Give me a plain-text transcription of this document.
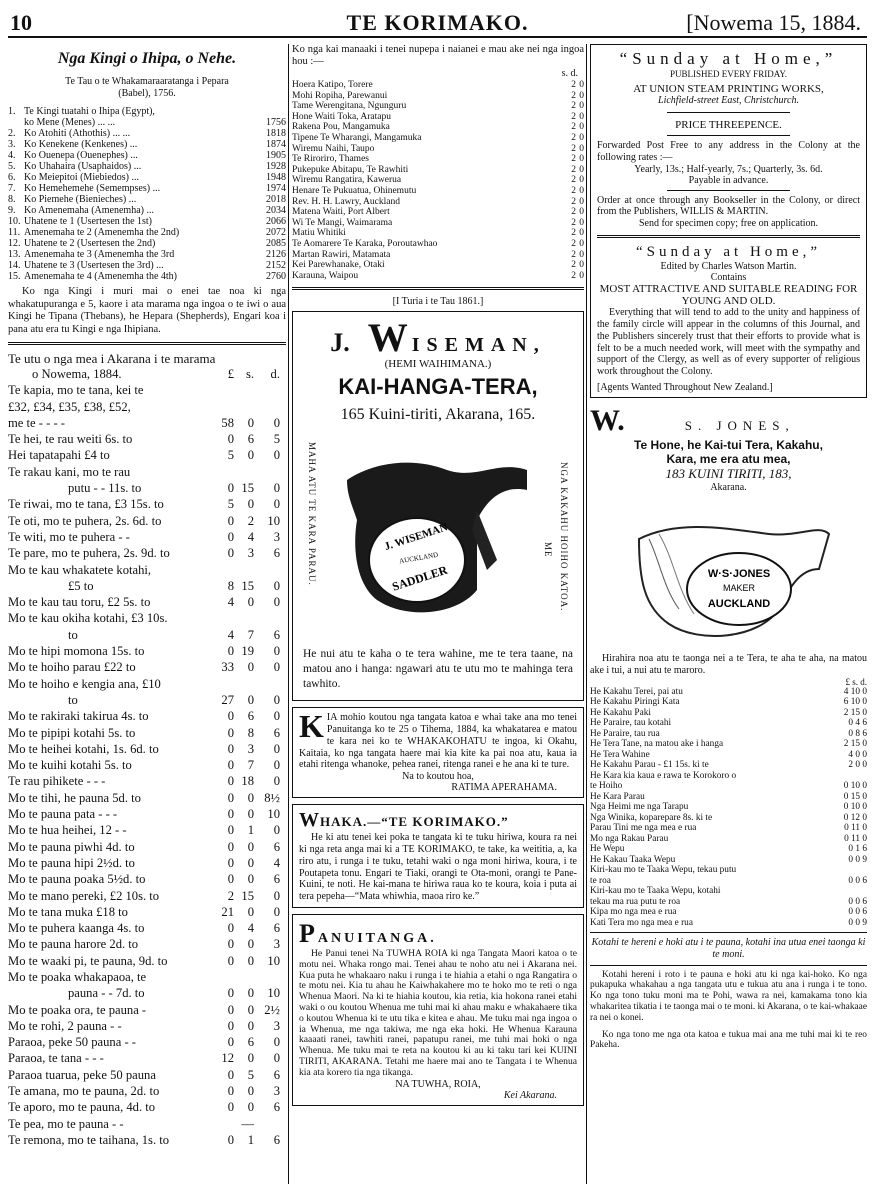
10	TE KORIMAKO.	[Nowema 15, 1884.
Nga Kingi o Ihipa, o Nehe.
Te Tau o te Whakamaraaratanga i Pepara
(Babel), 1756.
1.	Te Kingi tuatahi o Ihipa (Egypt),	
	ko Mene (Menes) ... ...	1756
2.	Ko Atohiti (Athothis) ... ...	1818
3.	Ko Kenekene (Kenkenes) ...	1874
4.	Ko Ouenepa (Ouenephes) ...	1905
5.	Ko Uhahaira (Usaphaidos) ...	1928
6.	Ko Meiepitoi (Miebiedos) ...	1948
7.	Ko Hemehemehe (Semempses) ...	1974
8.	Ko Piemehe (Bienieches) ...	2018
9.	Ko Amenemaha (Amenemha) ...	2034
10.	Uhatene te 1 (Usertesen the 1st)	2066
11.	Amenemaha te 2 (Amenemha the 2nd)	2072
12.	Uhatene te 2 (Usertesen the 2nd)	2085
13.	Amenemaha te 3 (Amenemha the 3rd	2126
14.	Uhatene te 3 (Usertesen the 3rd) ...	2152
15.	Amenemaha te 4 (Amenemha the 4th)	2760
Ko nga Kingi i muri mai o enei tae noa ki nga whakatupuranga e 5, kaore i ata marama nga ingoa o te iwi o aua Kingi he Tipana (Thebans), he Hepara (Shepherds), Engari koa i pana atu era tu Kingi e nga Ihipiana.
Te utu o nga mea i Akarana i te marama
o Nowema, 1884.	£	s.	d.
Te kapia, mo te tana, kei te			
£32, £34, £35, £38, £52,			
me te - - - -	58	0	0
Te hei, te rau weiti 6s. to	0	6	5
Hei tapatapahi £4 to	5	0	0
Te rakau kani, mo te rau			
putu - - 11s. to	0	15	0
Te riwai, mo te tana, £3 15s. to	5	0	0
Te oti, mo te puhera, 2s. 6d. to	0	2	10
Te witi, mo te puhera - -	0	4	3
Te pare, mo te puhera, 2s. 9d. to	0	3	6
Mo te kau whakatete kotahi,			
£5 to	8	15	0
Mo te kau tau toru, £2 5s. to	4	0	0
Mo te kau okiha kotahi, £3 10s.			
to	4	7	6
Mo te hipi momona 15s. to	0	19	0
Mo te hoiho parau £22 to	33	0	0
Mo te hoiho e kengia ana, £10			
to	27	0	0
Mo te rakiraki takirua 4s. to	0	6	0
Mo te pipipi kotahi 5s. to	0	8	6
Mo te heihei kotahi, 1s. 6d. to	0	3	0
Mo te kuihi kotahi 5s. to	0	7	0
Te rau pihikete - - -	0	18	0
Mo te tihi, he pauna 5d. to	0	0	8½
Mo te pauna pata - - -	0	0	10
Mo te hua heihei, 12 - -	0	1	0
Mo te pauna piwhi 4d. to	0	0	6
Mo te pauna hipi 2½d. to	0	0	4
Mo te pauna poaka 5½d. to	0	0	6
Mo te mano pereki, £2 10s. to	2	15	0
Mo te tana muka £18 to	21	0	0
Mo te puhera kaanga 4s. to	0	4	6
Mo te pauna harore 2d. to	0	0	3
Mo te waaki pi, te pauna, 9d. to	0	0	10
Mo te poaka whakapaoa, te			
pauna - - 7d. to	0	0	10
Mo te poaka ora, te pauna -	0	0	2½
Mo te rohi, 2 pauna - -	0	0	3
Paraoa, peke 50 pauna - -	0	6	0
Paraoa, te tana - - -	12	0	0
Paraoa tuarua, peke 50 pauna	0	5	6
Te amana, mo te pauna, 2d. to	0	0	3
Te aporo, mo te pauna, 4d. to	0	0	6
Te pea, mo te pauna - -		—	
Te remona, mo te taihana, 1s. to	0	1	6
Ko nga kai manaaki i tenei nupepa i naianei e mau ake nei nga ingoa hou :—
s. d.
Hoera Katipo, Torere	2	0
Mohi Ropiha, Parewanui	2	0
Tame Werengitana, Ngunguru	2	0
Hone Waiti Toka, Aratapu	2	0
Rakena Pou, Mangamuka	2	0
Tipene Te Wharangi, Mangamuka	2	0
Wiremu Naihi, Taupo	2	0
Te Riroriro, Thames	2	0
Pukepuke Abitapu, Te Rawhiti	2	0
Wiremu Rangatira, Kawerua	2	0
Henare Te Pukuatua, Ohinemutu	2	0
Rev. H. H. Lawry, Auckland	2	0
Matena Waiti, Port Albert	2	0
Wi Te Mangi, Waimarama	2	0
Matiu Whitiki	2	0
Te Aomarere Te Karaka, Poroutawhao	2	0
Martan Rawiri, Matamata	2	0
Kei Parewhanake, Otaki	2	0
Karauna, Waipou	2	0
[I Turia i te Tau 1861.]
J. W ISEMAN,
(HEMI WAIHIMANA.)
KAI-HANGA-TERA,
165 Kuini-tiriti, Akarana, 165.
MAHA ATU TE KARA PARAU.	NGA KAKAHU HOIHO KATOA.
ME
J. WISEMAN
AUCKLAND
SADDLER
He nui atu te kaha o te tera wahine, me te tera taane, na matou ano i hanga: ngawari atu te utu mo te mahinga tera tawhito.
KIA mohio koutou nga tangata katoa e whai take ana mo tenei Panuitanga ko te 25 o Tihema, 1884, ka whakatarea e matou te kara nei ko te WHAKAKOHATU te ingoa, ki Okahu, Kaitaia, ko nga tangata haere mai kia kite ka pai noa atu, kaua ia etahi ritenga whanoke, pehea ranei, ritenga ranei e he ana ki te ture.
Na to koutou hoa,
RATIMA APERAHAMA.
WHAKA.—“TE KORIMAKO.”
He ki atu tenei kei poka te tangata ki te tuku hiriwa, koura ra nei ki nga reta anga mai ki a TE KORIMAKO, te take, ka weititia, a, ka riro atu, i runga i te tuku, tetahi waki o nga moni hiriwa, koura, i te Poutapeta tonu. Engari te Tiaki, orangi te Ota-moni, orangi te Pane-Kuini, te noti. He kai-mana te hiriwa raua ko te koura, koia i puta ai tera pepeha—“Mata whiwhia, maoa riro ke.”
PANUITANGA.
He Panui tenei Na TUWHA ROIA ki nga Tangata Maori katoa o te motu nei. Whaka rongo mai. Tenei ahau te noho atu nei i Akarana nei. Kua puta he whakaaro naku i runga i te hiahia a etahi o nga Rangatira o te motu nei. Kia tu ahau he Kaiwhakahere mo te hoko mo te reti o nga Whenua Maori. Na ki te hiahia koutou, kia retia, kia hokona ranei etahi waki o ou koutou Whenua me tuhi mai ki ahau maku e whakahaere tika o koutou Whenua ki te utu tika e kitea e ahau. Me tuku mai nga ingoa o ia Whenua, me nga takiwa, me nga eka hoki. He Whenua Karauna kaaaati ranei, tawhiti ranei, papatupu ranei, me tuhi mai hoki o nga Whenua. Me tuku mai te reta na koutou ki au ki taku tari kei KUINI TIRITI, AKARANA. Tetahi me haere mai ano te Tangata i te Whenua kia ata korero tia nga tikanga.
NA TUWHA, ROIA,
Kei Akarana.
“Sunday at Home,”
PUBLISHED EVERY FRIDAY.
AT UNION STEAM PRINTING WORKS,
Lichfield-street East, Christchurch.
PRICE THREEPENCE.
Forwarded Post Free to any address in the Colony at the following rates :—
Yearly, 13s.; Half-yearly, 7s.; Quarterly, 3s. 6d.
Payable in advance.
Order at once through any Bookseller in the Colony, or direct from the Publishers, WILLIS & MARTIN.
Send for specimen copy; free on application.
“Sunday at Home,”
Edited by Charles Watson Martin.
Contains
MOST ATTRACTIVE AND SUITABLE READING FOR YOUNG AND OLD.
Everything that will tend to add to the unity and happiness of the family circle will appear in the columns of this Journal, and the Publishers sincerely trust that their efforts to provide what is felt to be a much needed work, will meet with the sympathy and support of the Clergy, as well as of every supporter of religious work throughout the Colony.
[Agents Wanted Throughout New Zealand.]
W.	S. JONES,
Te Hone, he Kai-tui Tera, Kakahu,
Kara, me era atu mea,
183 KUINI TIRITI, 183,
Akarana.
W·S·JONES
MAKER
AUCKLAND
Hirahira noa atu te taonga nei a te Tera, te aha te aha, na matou ake i tui, a nui atu te maroro.
£ s. d.
He Kakahu Terei, pai atu	4 10 0
He Kakahu Piringi Kata	6 10 0
He Kakahu Paki	2 15 0
He Paraire, tau kotahi	0 4 6
He Paraire, tau rua	0 8 6
He Tera Tane, na matou ake i hanga	2 15 0
He Tera Wahine	4 0 0
He Kakahu Parau - £1 15s. ki te	2 0 0
He Kara kia kaua e rawa te Korokoro o	
te Hoiho	0 10 0
He Kara Parau	0 15 0
Nga Heimi me nga Tarapu	0 10 0
Nga Winika, koparepare 8s. ki te	0 12 0
Parau Tini me nga mea e rua	0 11 0
Mo nga Rakau Parau	0 11 0
He Wepu	0 1 6
He Kakau Taaka Wepu	0 0 9
Kiri-kau mo te Taaka Wepu, tekau putu	
te roa	0 0 6
Kiri-kau mo te Taaka Wepu, kotahi	
tekau ma rua putu te roa	0 0 6
Kipa mo nga mea e rua	0 0 6
Kati Tera mo nga mea e rua	0 0 9
Kotahi te hereni e hoki atu i te pauna, kotahi ina utua enei taonga ki te moni.
Kotahi hereni i roto i te pauna e hoki atu ki nga kai-hoko. Ko nga pukapuka whakahau a nga tangata utu e tukua atu ana i runga i te tono. Ko nga tono tuku moni ma te Pohi, wawa ra nei, kamakama tono kia whakaritea tikatia i te taonga mai o te moni. ki Akarana, o te kai-whakaae ra nei o konei.
Ko nga tono me nga ota katoa e tukua mai ana me tuhi mai ki te reo Pakeha.
